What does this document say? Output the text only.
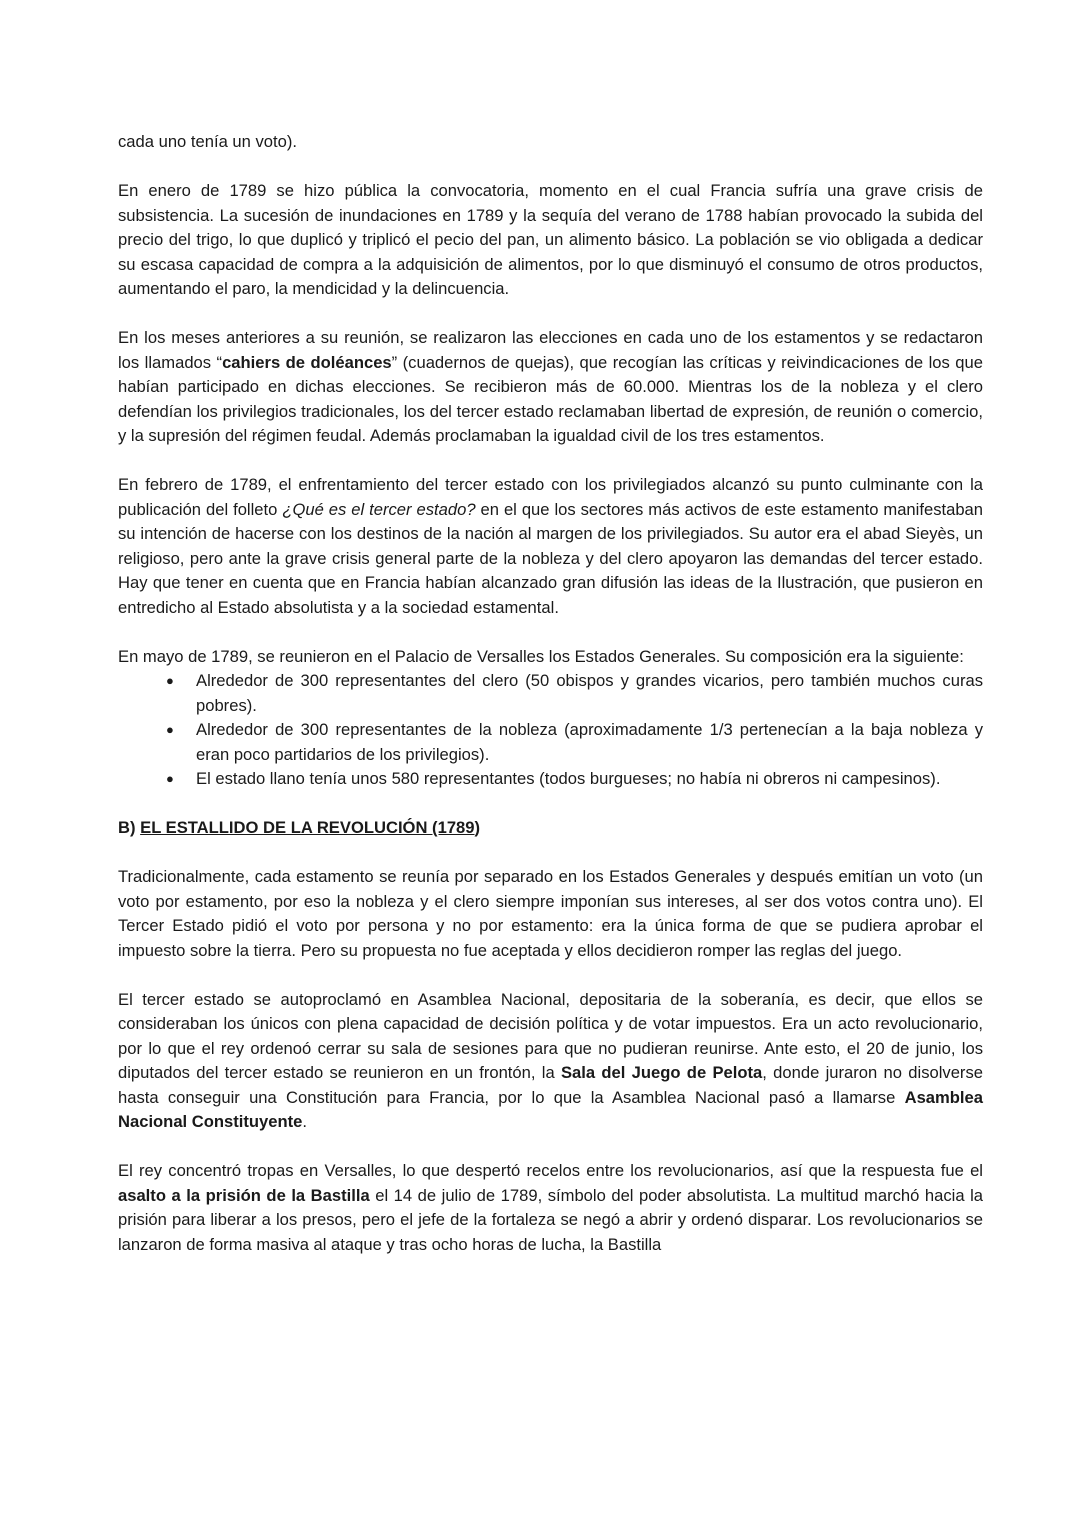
cada uno tenía un voto).

En enero de 1789 se hizo pública la convocatoria, momento en el cual Francia sufría una grave crisis de subsistencia. La sucesión de inundaciones en 1789 y la sequía del verano de 1788 habían provocado la subida del precio del trigo, lo que duplicó y triplicó el pecio del pan, un alimento básico. La población se vio obligada a dedicar su escasa capacidad de compra a la adquisición de alimentos, por lo que disminuyó el consumo de otros productos, aumentando el paro, la mendicidad y la delincuencia.

En los meses anteriores a su reunión, se realizaron las elecciones en cada uno de los estamentos y se redactaron los llamados “cahiers de doléances” (cuadernos de quejas), que recogían las críticas y reivindicaciones de los que habían participado en dichas elecciones. Se recibieron más de 60.000. Mientras los de la nobleza y el clero defendían los privilegios tradicionales, los del tercer estado reclamaban libertad de expresión, de reunión o comercio, y la supresión del régimen feudal. Además proclamaban la igualdad civil de los tres estamentos.

En febrero de 1789, el enfrentamiento del tercer estado con los privilegiados alcanzó su punto culminante con la publicación del folleto ¿Qué es el tercer estado? en el que los sectores más activos de este estamento manifestaban su intención de hacerse con los destinos de la nación al margen de los privilegiados. Su autor era el abad Sieyès, un religioso, pero ante la grave crisis general parte de la nobleza y del clero apoyaron las demandas del tercer estado. Hay que tener en cuenta que en Francia habían alcanzado gran difusión las ideas de la Ilustración, que pusieron en entredicho al Estado absolutista y a la sociedad estamental.

En mayo de 1789, se reunieron en el Palacio de Versalles los Estados Generales. Su composición era la siguiente:

● Alrededor de 300 representantes del clero (50 obispos y grandes vicarios, pero también muchos curas pobres).
● Alrededor de 300 representantes de la nobleza (aproximadamente 1/3 pertenecían a la baja nobleza y eran poco partidarios de los privilegios).
● El estado llano tenía unos 580 representantes (todos burgueses; no había ni obreros ni campesinos).

B) EL ESTALLIDO DE LA REVOLUCIÓN (1789)

Tradicionalmente, cada estamento se reunía por separado en los Estados Generales y después emitían un voto (un voto por estamento, por eso la nobleza y el clero siempre imponían sus intereses, al ser dos votos contra uno). El Tercer Estado pidió el voto por persona y no por estamento: era la única forma de que se pudiera aprobar el impuesto sobre la tierra. Pero su propuesta no fue aceptada y ellos decidieron romper las reglas del juego.

El tercer estado se autoproclamó en Asamblea Nacional, depositaria de la soberanía, es decir, que ellos se consideraban los únicos con plena capacidad de decisión política y de votar impuestos. Era un acto revolucionario, por lo que el rey ordenoó cerrar su sala de sesiones para que no pudieran reunirse. Ante esto, el 20 de junio, los diputados del tercer estado se reunieron en un frontón, la Sala del Juego de Pelota, donde juraron no disolverse hasta conseguir una Constitución para Francia, por lo que la Asamblea Nacional pasó a llamarse Asamblea Nacional Constituyente.

El rey concentró tropas en Versalles, lo que despertó recelos entre los revolucionarios, así que la respuesta fue el asalto a la prisión de la Bastilla el 14 de julio de 1789, símbolo del poder absolutista. La multitud marchó hacia la prisión para liberar a los presos, pero el jefe de la fortaleza se negó a abrir y ordenó disparar. Los revolucionarios se lanzaron de forma masiva al ataque y tras ocho horas de lucha, la Bastilla
